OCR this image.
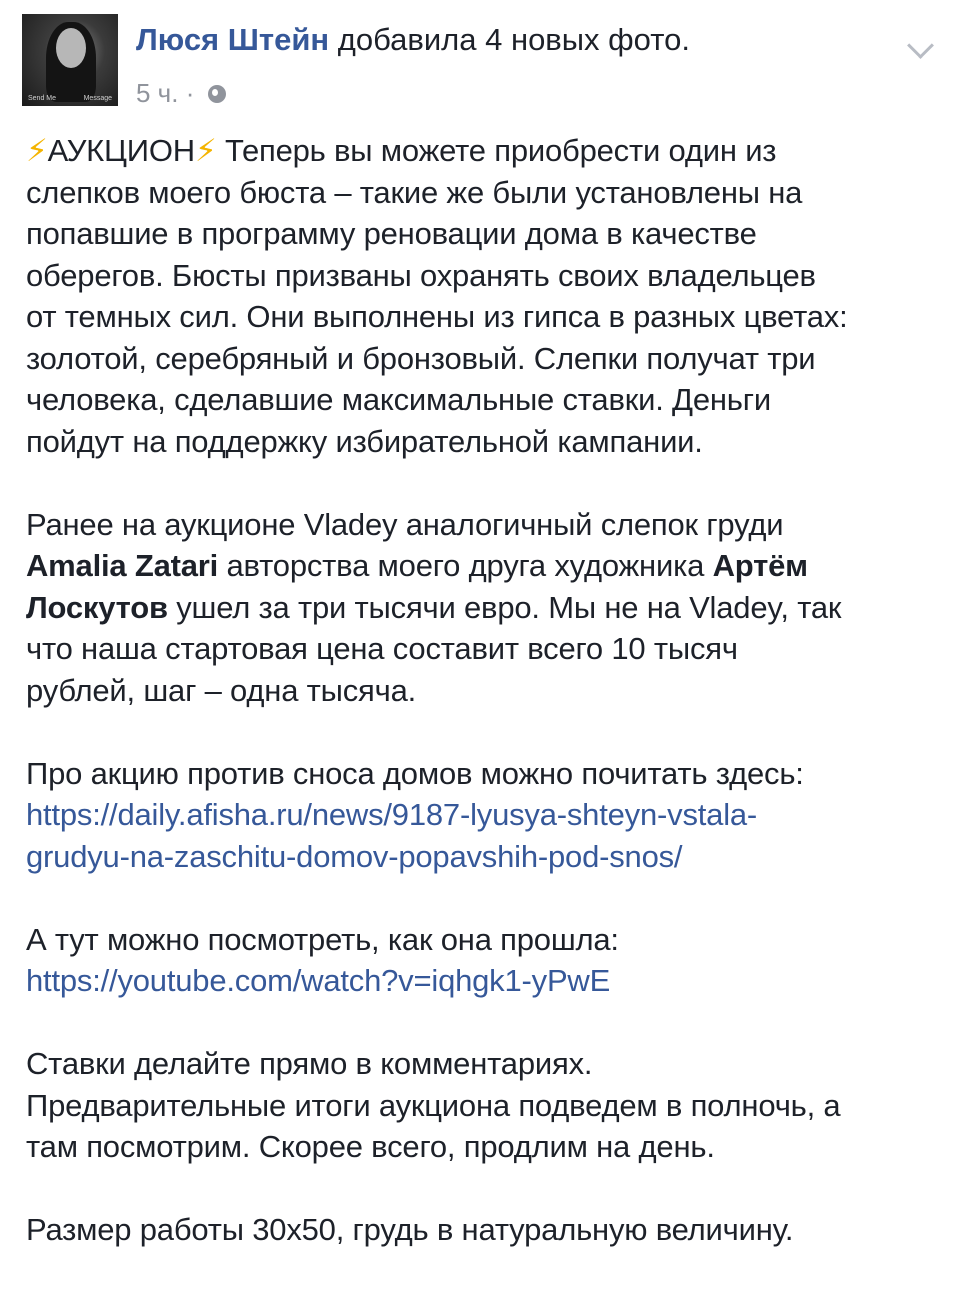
Send Me	Message
Люся Штейн добавила 4 новых фото.
5 ч. ·
⚡АУКЦИОН⚡ Теперь вы можете приобрести один из
слепков моего бюста – такие же были установлены на
попавшие в программу реновации дома в качестве
оберегов. Бюсты призваны охранять своих владельцев
от темных сил. Они выполнены из гипса в разных цветах:
золотой, серебряный и бронзовый. Слепки получат три
человека, сделавшие максимальные ставки. Деньги
пойдут на поддержку избирательной кампании.
Ранее на аукционе Vladey аналогичный слепок груди
Amalia Zatari авторства моего друга художника Артём
Лоскутов ушел за три тысячи евро. Мы не на Vladey, так
что наша стартовая цена составит всего 10 тысяч
рублей, шаг – одна тысяча.
Про акцию против сноса домов можно почитать здесь:
https://daily.afisha.ru/news/9187-lyusya-shteyn-vstala-
grudyu-na-zaschitu-domov-popavshih-pod-snos/
А тут можно посмотреть, как она прошла:
https://youtube.com/watch?v=iqhgk1-yPwE
Ставки делайте прямо в комментариях.
Предварительные итоги аукциона подведем в полночь, а
там посмотрим. Скорее всего, продлим на день.
Размер работы 30х50, грудь в натуральную величину.
